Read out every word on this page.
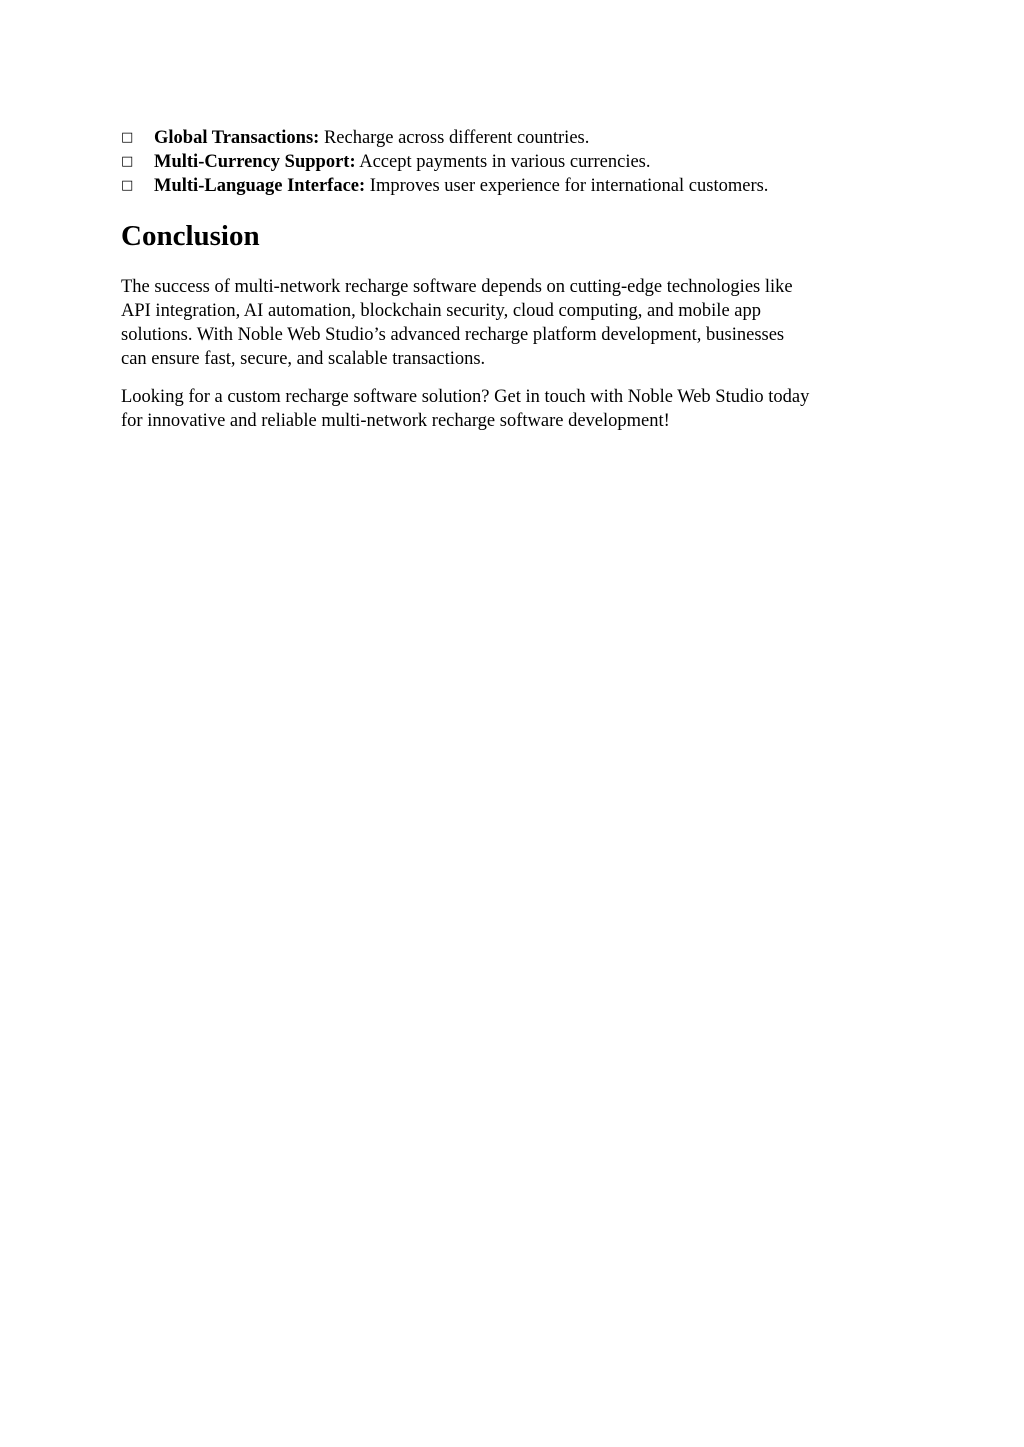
□ Global Transactions: Recharge across different countries.
□ Multi-Currency Support: Accept payments in various currencies.
□ Multi-Language Interface: Improves user experience for international customers.
Conclusion

The success of multi-network recharge software depends on cutting-edge technologies like
API integration, AI automation, blockchain security, cloud computing, and mobile app
solutions. With Noble Web Studio’s advanced recharge platform development, businesses
can ensure fast, secure, and scalable transactions.

Looking for a custom recharge software solution? Get in touch with Noble Web Studio today
for innovative and reliable multi-network recharge software development!
